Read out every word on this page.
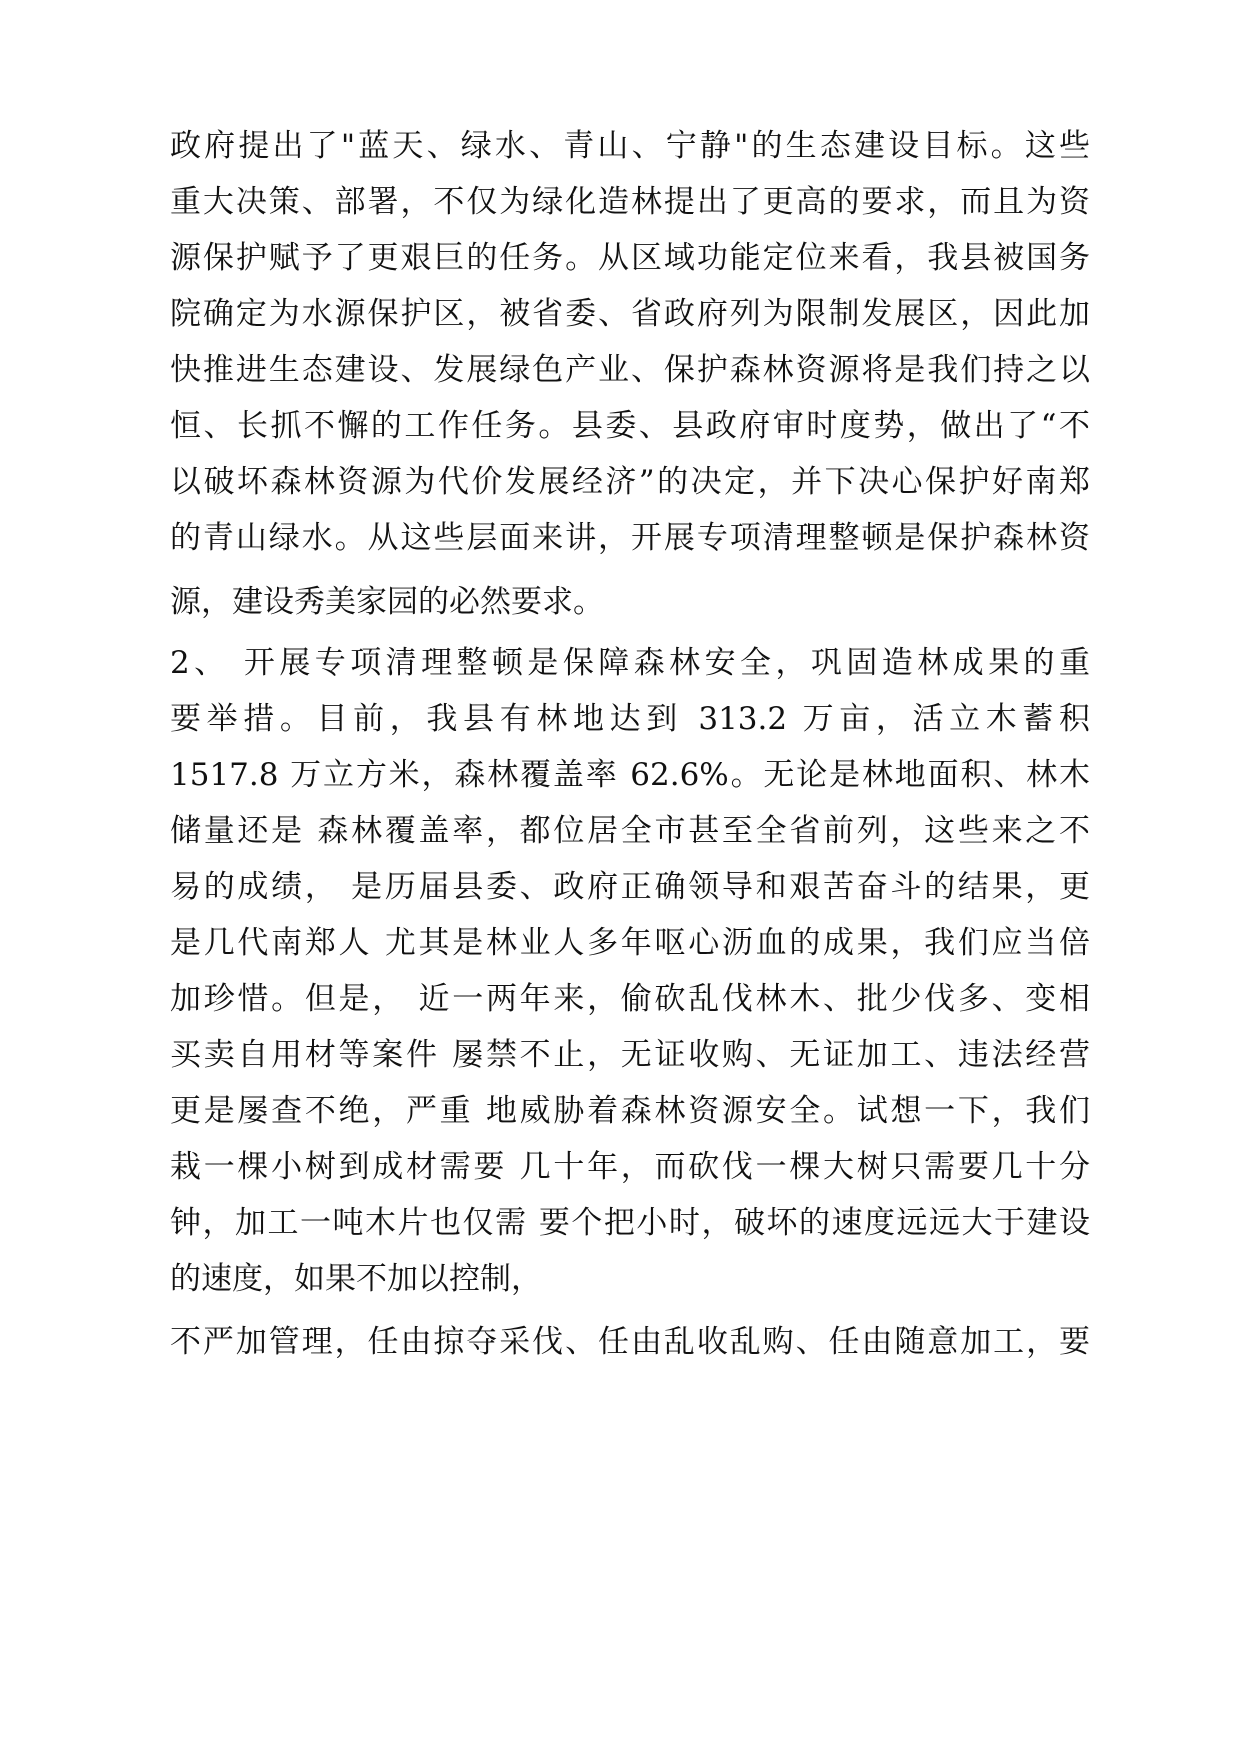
政府提出了"蓝天、绿水、青山、宁静"的生态建设目标。这些
重大决策、部署，不仅为绿化造林提出了更高的要求，而且为资
源保护赋予了更艰巨的任务。从区域功能定位来看，我县被国务
院确定为水源保护区，被省委、省政府列为限制发展区，因此加
快推进生态建设、发展绿色产业、保护森林资源将是我们持之以
恒、长抓不懈的工作任务。县委、县政府审时度势，做出了“不
以破坏森林资源为代价发展经济”的决定，并下决心保护好南郑
的青山绿水。从这些层面来讲，开展专项清理整顿是保护森林资
源，建设秀美家园的必然要求。
2、 开展专项清理整顿是保障森林安全，巩固造林成果的重
要举措。目前，我县有林地达到 313.2 万亩，活立木蓄积
1517.8 万立方米，森林覆盖率 62.6%。无论是林地面积、林木
储量还是 森林覆盖率，都位居全市甚至全省前列，这些来之不
易的成绩， 是历届县委、政府正确领导和艰苦奋斗的结果，更
是几代南郑人 尤其是林业人多年呕心沥血的成果，我们应当倍
加珍惜。但是， 近一两年来，偷砍乱伐林木、批少伐多、变相
买卖自用材等案件 屡禁不止，无证收购、无证加工、违法经营
更是屡查不绝，严重 地威胁着森林资源安全。试想一下，我们
栽一棵小树到成材需要 几十年，而砍伐一棵大树只需要几十分
钟，加工一吨木片也仅需 要个把小时，破坏的速度远远大于建设
的速度，如果不加以控制，
不严加管理，任由掠夺采伐、任由乱收乱购、任由随意加工，要
